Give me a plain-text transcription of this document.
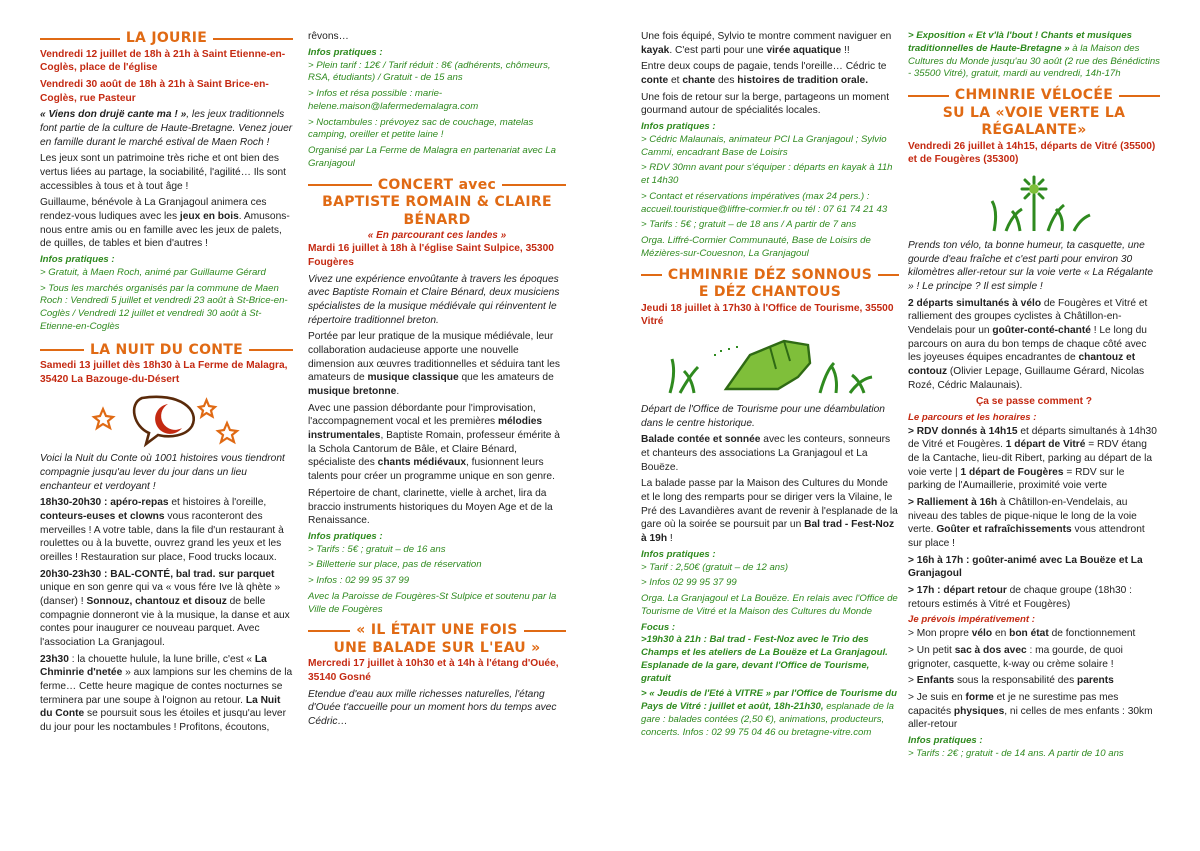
LA JOURIE

Vendredi 12 juillet de 18h à 21h à Saint Etienne-en-Coglès, place de l'église

Vendredi 30 août de 18h à 21h à Saint Brice-en-Coglès, rue Pasteur

« Viens don drujë cante ma ! », les jeux traditionnels font partie de la culture de Haute-Bretagne. Venez jouer en famille durant le marché estival de Maen Roch !

Les jeux sont un patrimoine très riche et ont bien des vertus liées au partage, la sociabilité, l'agilité… Ils sont accessibles à tous et à tout âge !

Guillaume, bénévole à La Granjagoul animera ces rendez-vous ludiques avec les jeux en bois. Amusons-nous entre amis ou en famille avec les jeux de palets, de quilles, de tables et bien d'autres !

Infos pratiques :

> Gratuit, à Maen Roch, animé par Guillaume Gérard

> Tous les marchés organisés par la commune de Maen Roch : Vendredi 5 juillet et vendredi 23 août à St-Brice-en-Coglès / Vendredi 12 juillet et vendredi 30 août à St-Etienne-en-Coglès

LA NUIT DU CONTE

Samedi 13 juillet dès 18h30 à La Ferme de Malagra, 35420 La Bazouge-du-Désert

Voici la Nuit du Conte où 1001 histoires vous tiendront compagnie jusqu'au lever du jour dans un lieu enchanteur et verdoyant !

18h30-20h30 : apéro-repas et histoires à l'oreille, conteurs-euses et clowns vous raconteront des merveilles ! A votre table, dans la file d'un restaurant à roulettes ou à la buvette, ouvrez grand les yeux et les oreilles ! Restauration sur place, Food trucks locaux.

20h30-23h30 : BAL-CONTÉ, bal trad. sur parquet unique en son genre qui va « vous fére Ive là qhète » (danser) ! Sonnouz, chantouz et disouz de belle compagnie donneront vie à la musique, la danse et aux contes pour inaugurer ce nouveau parquet. Avec l'association La Granjagoul.

23h30 : la chouette hulule, la lune brille, c'est « La Chminrie d'netée » aux lampions sur les chemins de la ferme… Cette heure magique de contes nocturnes se terminera par une soupe à l'oignon au retour. La Nuit du Conte se poursuit sous les étoiles et jusqu'au lever du jour pour les noctambules ! Profitons, écoutons,

rêvons…

Infos pratiques :

> Plein tarif : 12€ / Tarif réduit : 8€ (adhérents, chômeurs, RSA, étudiants) / Gratuit - de 15 ans

> Infos et résa possible : marie-helene.maison@lafermedemalagra.com

> Noctambules : prévoyez sac de couchage, matelas camping, oreiller et petite laine !

Organisé par La Ferme de Malagra en partenariat avec La Granjagoul

CONCERT avec
BAPTISTE ROMAIN & CLAIRE BÉNARD
« En parcourant ces landes »

Mardi 16 juillet à 18h à l'église Saint Sulpice, 35300 Fougères

Vivez une expérience envoûtante à travers les époques avec Baptiste Romain et Claire Bénard, deux musiciens spécialistes de la musique médiévale qui réinventent le répertoire traditionnel breton.

Portée par leur pratique de la musique médiévale, leur collaboration audacieuse apporte une nouvelle dimension aux œuvres traditionnelles et séduira tant les amateurs de musique classique que les amateurs de musique bretonne.

Avec une passion débordante pour l'improvisation, l'accompagnement vocal et les premières mélodies instrumentales, Baptiste Romain, professeur émérite à la Schola Cantorum de Bâle, et Claire Bénard, spécialiste des chants médiévaux, fusionnent leurs talents pour créer un programme unique en son genre.

Répertoire de chant, clarinette, vielle à archet, lira da braccio instruments historiques du Moyen Age et de la Renaissance.

Infos pratiques :

> Tarifs : 5€ ; gratuit – de 16 ans

> Billetterie sur place, pas de réservation

> Infos : 02 99 95 37 99

Avec la Paroisse de Fougères-St Sulpice et soutenu par la Ville de Fougères

« IL ÉTAIT UNE FOIS
UNE BALADE SUR L'EAU »

Mercredi 17 juillet à 10h30 et à 14h à l'étang d'Ouée, 35140 Gosné

Etendue d'eau aux mille richesses naturelles, l'étang d'Ouée t'accueille pour un moment hors du temps avec Cédric…

Une fois équipé, Sylvio te montre comment naviguer en kayak. C'est parti pour une virée aquatique !!

Entre deux coups de pagaie, tends l'oreille… Cédric te conte et chante des histoires de tradition orale.

Une fois de retour sur la berge, partageons un moment gourmand autour de spécialités locales.

Infos pratiques :

> Cédric Malaunais, animateur PCI La Granjagoul ; Sylvio Cammi, encadrant Base de Loisirs

> RDV 30mn avant pour s'équiper : départs en kayak à 11h et 14h30

> Contact et réservations impératives (max 24 pers.) : accueil.touristique@liffre-cormier.fr ou tél : 07 61 74 21 43

> Tarifs : 5€ ; gratuit – de 18 ans / A partir de 7 ans

Orga. Liffré-Cormier Communauté, Base de Loisirs de Mézières-sur-Couesnon, La Granjagoul

CHMINRIE DÉZ SONNOUS
E DÉZ CHANTOUS

Jeudi 18 juillet à 17h30 à l'Office de Tourisme, 35500 Vitré

Départ de l'Office de Tourisme pour une déambulation dans le centre historique.

Balade contée et sonnée avec les conteurs, sonneurs et chanteurs des associations La Granjagoul et La Bouëze.

La balade passe par la Maison des Cultures du Monde et le long des remparts pour se diriger vers la Vilaine, le Pré des Lavandières avant de revenir à l'esplanade de la gare où la soirée se poursuit par un Bal trad - Fest-Noz à 19h !

Infos pratiques :

> Tarif : 2,50€ (gratuit – de 12 ans)

> Infos 02 99 95 37 99

Orga. La Granjagoul et La Bouëze. En relais avec l'Office de Tourisme de Vitré et la Maison des Cultures du Monde

Focus :

>19h30 à 21h : Bal trad - Fest-Noz avec le Trio des Champs et les ateliers de La Bouëze et La Granjagoul. Esplanade de la gare, devant l'Office de Tourisme, gratuit

> « Jeudis de l'Eté à VITRE » par l'Office de Tourisme du Pays de Vitré : juillet et août, 18h-21h30, esplanade de la gare : balades contées (2,50 €), animations, producteurs, concerts. Infos : 02 99 75 04 46 ou bretagne-vitre.com

> Exposition « Et v'là l'bout ! Chants et musiques traditionnelles de Haute-Bretagne » à la Maison des Cultures du Monde jusqu'au 30 août (2 rue des Bénédictins - 35500 Vitré), gratuit, mardi au vendredi, 14h-17h

CHMINRIE VÉLOCÉE
SU LA «VOIE VERTE LA RÉGALANTE»

Vendredi 26 juillet à 14h15, départs de Vitré (35500) et de Fougères (35300)

Prends ton vélo, ta bonne humeur, ta casquette, une gourde d'eau fraîche et c'est parti pour environ 30 kilomètres aller-retour sur la voie verte « La Régalante » ! Le principe ? Il est simple !

2 départs simultanés à vélo de Fougères et Vitré et ralliement des groupes cyclistes à Châtillon-en-Vendelais pour un goûter-conté-chanté ! Le long du parcours on aura du bon temps de chaque côté avec les joyeuses équipes encadrantes de chantouz et contouz (Olivier Lepage, Guillaume Gérard, Nicolas Rozé, Cédric Malaunais).

Ça se passe comment ?

Le parcours et les horaires :

> RDV donnés à 14h15 et départs simultanés à 14h30 de Vitré et Fougères. 1 départ de Vitré = RDV étang de la Cantache, lieu-dit Ribert, parking au départ de la voie verte | 1 départ de Fougères = RDV sur le parking de l'Aumaillerie, proximité voie verte

> Ralliement à 16h à Châtillon-en-Vendelais, au niveau des tables de pique-nique le long de la voie verte. Goûter et rafraîchissements vous attendront sur place !

> 16h à 17h : goûter-animé avec La Bouëze et La Granjagoul

> 17h : départ retour de chaque groupe (18h30 : retours estimés à Vitré et Fougères)

Je prévois impérativement :

> Mon propre vélo en bon état de fonctionnement

> Un petit sac à dos avec : ma gourde, de quoi grignoter, casquette, k-way ou crème solaire !

> Enfants sous la responsabilité des parents

> Je suis en forme et je ne surestime pas mes capacités physiques, ni celles de mes enfants : 30km aller-retour

Infos pratiques :

> Tarifs : 2€ ; gratuit - de 14 ans. A partir de 10 ans
